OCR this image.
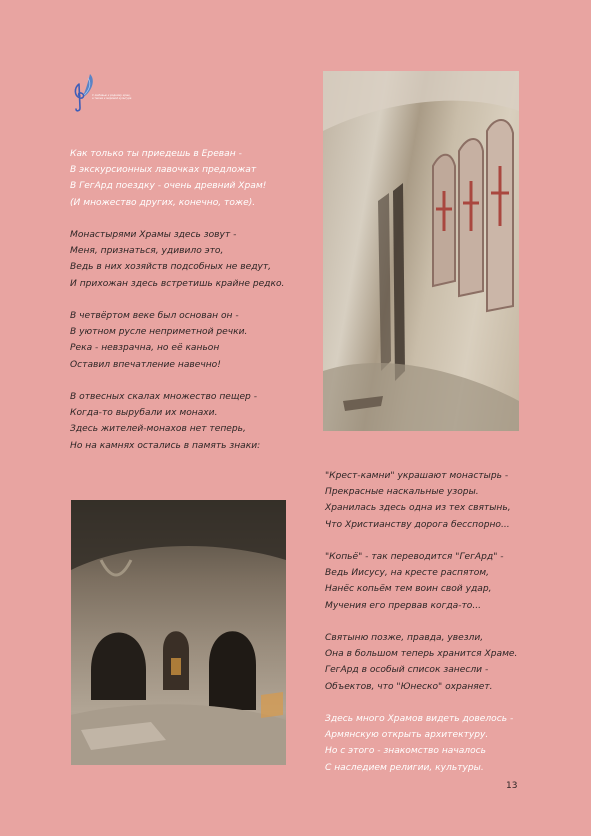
С любовью к родному краю, а также к мировой культуре

Как только ты приедешь в Ереван -
В экскурсионных лавочках предложат
В ГегАрд поездку - очень древний Храм!
(И множество других, конечно, тоже).

Монастырями Храмы здесь зовут -
Меня, признаться, удивило это,
Ведь в них хозяйств подсобных не ведут,
И прихожан здесь встретишь крайне редко.

В четвёртом веке был основан он -
В уютном русле неприметной речки.
Река - невзрачна, но её каньон
Оставил впечатление навечно!

В отвесных скалах множество пещер -
Когда-то вырубали их монахи.
Здесь жителей-монахов нет теперь,
Но на камнях остались в память знаки:

"Крест-камни" украшают монастырь -
Прекрасные наскальные узоры.
Хранилась здесь одна из тех святынь,
Что Христианству дорога бесспорно...

"Копьё" - так переводится "ГегАрд" -
Ведь Иисусу, на кресте распятом,
Нанёс копьём тем воин свой удар,
Мучения его прервав когда-то...

Святыню позже, правда, увезли,
Она в большом теперь хранится Храме.
ГегАрд в особый список занесли -
Объектов, что "Юнеско" охраняет.

Здесь много Храмов видеть довелось -
Армянскую открыть архитектуру.
Но с этого - знакомство началось
С наследием религии, культуры.

13
